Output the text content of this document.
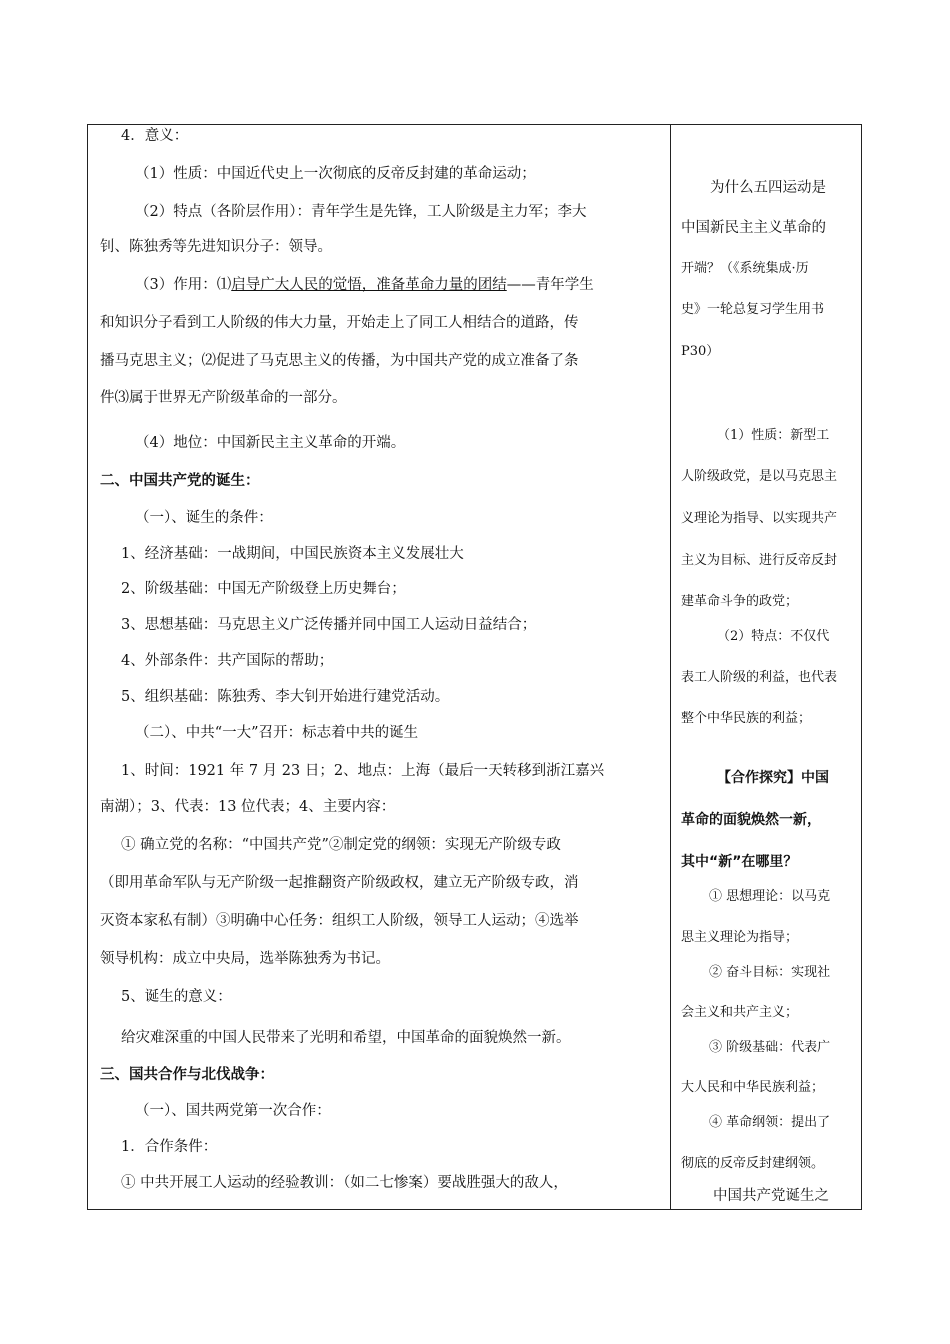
4．意义：
（1）性质：中国近代史上一次彻底的反帝反封建的革命运动；
（2）特点（各阶层作用）：青年学生是先锋，工人阶级是主力军；李大
钊、陈独秀等先进知识分子：领导。
（3）作用：⑴启导广大人民的觉悟，准备革命力量的团结——青年学生
和知识分子看到工人阶级的伟大力量，开始走上了同工人相结合的道路，传
播马克思主义；⑵促进了马克思主义的传播，为中国共产党的成立准备了条
件⑶属于世界无产阶级革命的一部分。
（4）地位：中国新民主主义革命的开端。
二、中国共产党的诞生：
（一）、诞生的条件：
1、经济基础：一战期间，中国民族资本主义发展壮大
2、阶级基础：中国无产阶级登上历史舞台；
3、思想基础：马克思主义广泛传播并同中国工人运动日益结合；
4、外部条件：共产国际的帮助；
5、组织基础：陈独秀、李大钊开始进行建党活动。
（二）、中共“一大”召开：标志着中共的诞生
1、时间：1921 年 7 月 23 日；2、地点：上海（最后一天转移到浙江嘉兴
南湖）；3、代表：13 位代表；4、主要内容：
① 确立党的名称：“中国共产党”②制定党的纲领：实现无产阶级专政
（即用革命军队与无产阶级一起推翻资产阶级政权，建立无产阶级专政，消
灭资本家私有制）③明确中心任务：组织工人阶级，领导工人运动；④选举
领导机构：成立中央局，选举陈独秀为书记。
5、诞生的意义：
给灾难深重的中国人民带来了光明和希望，中国革命的面貌焕然一新。
三、国共合作与北伐战争：
（一）、国共两党第一次合作：
1．合作条件：
① 中共开展工人运动的经验教训：（如二七惨案）要战胜强大的敌人，
为什么五四运动是
中国新民主主义革命的
开端？（《系统集成·历
史》一轮总复习学生用书
P30）
（1）性质：新型工
人阶级政党，是以马克思主
义理论为指导、以实现共产
主义为目标、进行反帝反封
建革命斗争的政党；
（2）特点：不仅代
表工人阶级的利益，也代表
整个中华民族的利益；
【合作探究】中国
革命的面貌焕然一新，
其中“新”在哪里？
① 思想理论：以马克
思主义理论为指导；
② 奋斗目标：实现社
会主义和共产主义；
③ 阶级基础：代表广
大人民和中华民族利益；
④ 革命纲领：提出了
彻底的反帝反封建纲领。
中国共产党诞生之
